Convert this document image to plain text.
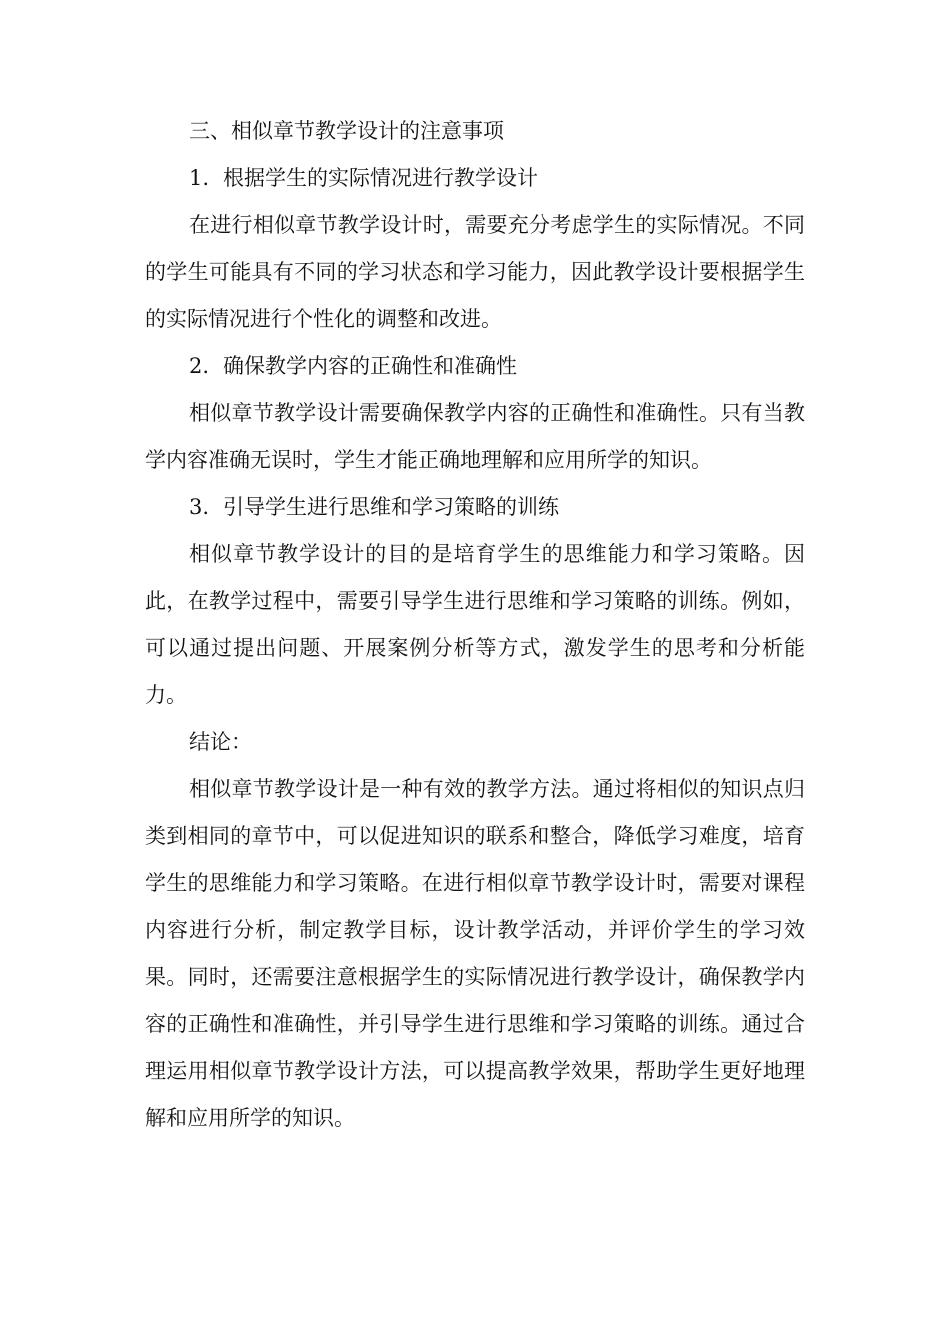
三、相似章节教学设计的注意事项

1. 根据学生的实际情况进行教学设计

在进行相似章节教学设计时，需要充分考虑学生的实际情况。不同的学生可能具有不同的学习状态和学习能力，因此教学设计要根据学生的实际情况进行个性化的调整和改进。

2. 确保教学内容的正确性和准确性

相似章节教学设计需要确保教学内容的正确性和准确性。只有当教学内容准确无误时，学生才能正确地理解和应用所学的知识。

3. 引导学生进行思维和学习策略的训练

相似章节教学设计的目的是培育学生的思维能力和学习策略。因此，在教学过程中，需要引导学生进行思维和学习策略的训练。例如，可以通过提出问题、开展案例分析等方式，激发学生的思考和分析能力。

结论：

相似章节教学设计是一种有效的教学方法。通过将相似的知识点归类到相同的章节中，可以促进知识的联系和整合，降低学习难度，培育学生的思维能力和学习策略。在进行相似章节教学设计时，需要对课程内容进行分析，制定教学目标，设计教学活动，并评价学生的学习效果。同时，还需要注意根据学生的实际情况进行教学设计，确保教学内容的正确性和准确性，并引导学生进行思维和学习策略的训练。通过合理运用相似章节教学设计方法，可以提高教学效果，帮助学生更好地理解和应用所学的知识。
